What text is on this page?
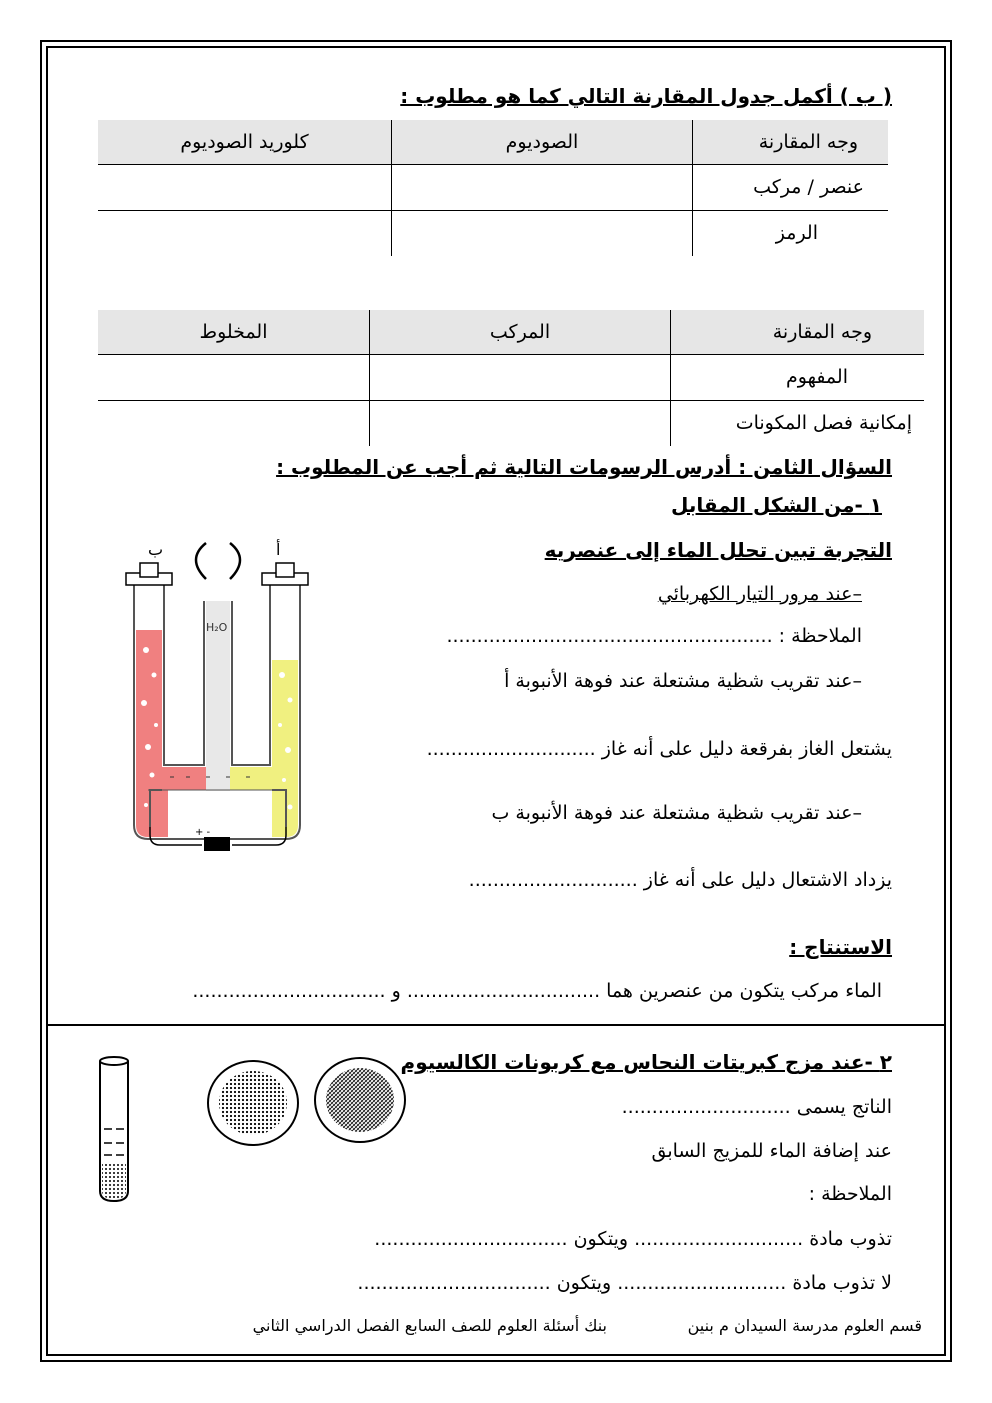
( ب ) أكمل جدول المقارنة التالي كما هو مطلوب :
وجه المقارنة	الصوديوم	كلوريد الصوديوم
عنصر / مركب		
الرمز		
وجه المقارنة	المركب	المخلوط
المفهوم		
إمكانية فصل المكونات		
السؤال الثامن : أدرس الرسومات التالية ثم أجب عن المطلوب :
١ -من الشكل المقابل
التجربة تبين تحلل الماء إلى عنصريه
–عند مرور التيار الكهربائي
الملاحظة : ......................................................
–عند تقريب شظية مشتعلة عند فوهة الأنبوبة أ
يشتعل الغاز بفرقعة دليل على أنه غاز ............................
–عند تقريب شظية مشتعلة عند فوهة الأنبوبة ب
يزداد الاشتعال دليل على أنه غاز ............................
الاستنتاج :
الماء مركب يتكون من عنصرين هما ................................ و ................................
ب	أ
H₂O
+ -
٢ -عند مزج كبريتات النحاس مع كربونات الكالسيوم
الناتج يسمى ............................
عند إضافة الماء للمزيج السابق
الملاحظة :
تذوب مادة ............................ ويتكون ................................
لا تذوب مادة ............................ ويتكون ................................
قسم العلوم مدرسة السيدان م بنين
بنك أسئلة العلوم للصف السابع الفصل الدراسي الثاني
